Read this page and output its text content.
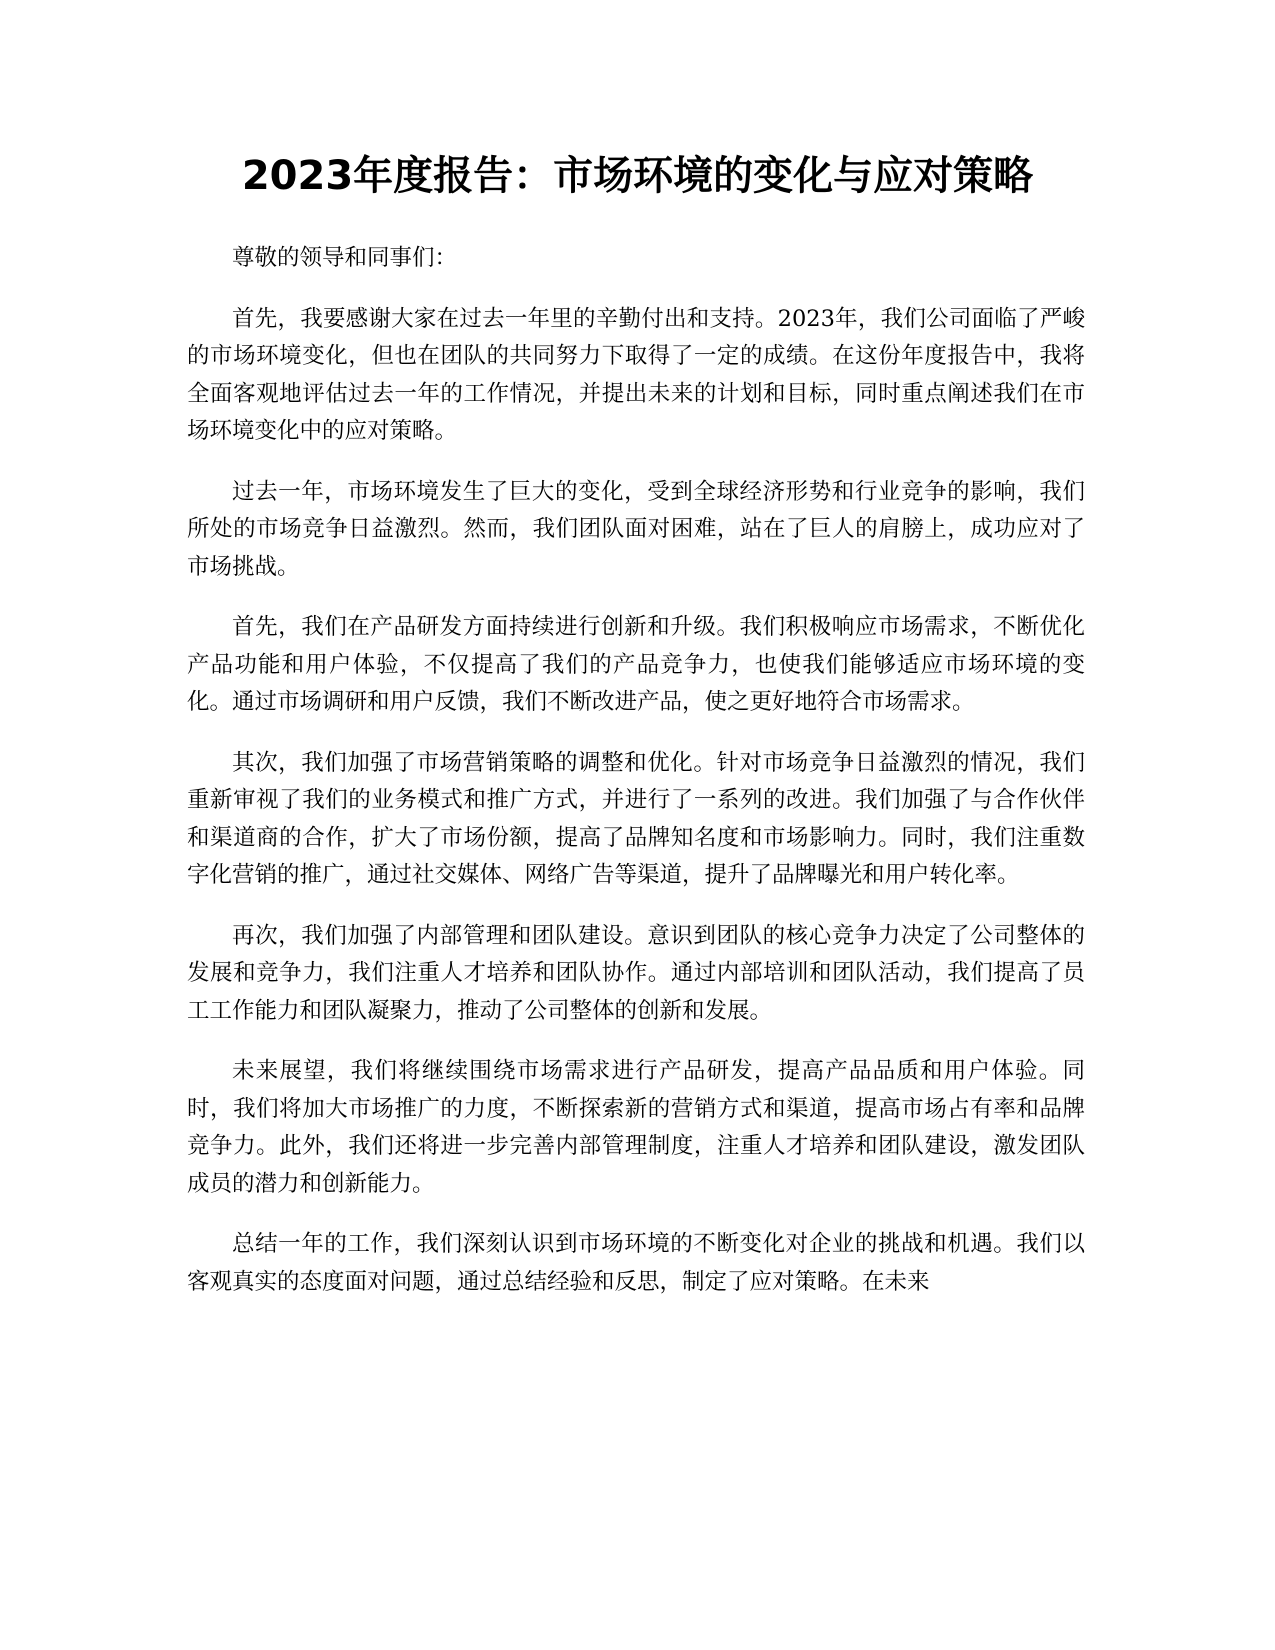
2023年度报告：市场环境的变化与应对策略

尊敬的领导和同事们：

首先，我要感谢大家在过去一年里的辛勤付出和支持。2023年，我们公司面临了严峻的市场环境变化，但也在团队的共同努力下取得了一定的成绩。在这份年度报告中，我将全面客观地评估过去一年的工作情况，并提出未来的计划和目标，同时重点阐述我们在市场环境变化中的应对策略。

过去一年，市场环境发生了巨大的变化，受到全球经济形势和行业竞争的影响，我们所处的市场竞争日益激烈。然而，我们团队面对困难，站在了巨人的肩膀上，成功应对了市场挑战。

首先，我们在产品研发方面持续进行创新和升级。我们积极响应市场需求，不断优化产品功能和用户体验，不仅提高了我们的产品竞争力，也使我们能够适应市场环境的变化。通过市场调研和用户反馈，我们不断改进产品，使之更好地符合市场需求。

其次，我们加强了市场营销策略的调整和优化。针对市场竞争日益激烈的情况，我们重新审视了我们的业务模式和推广方式，并进行了一系列的改进。我们加强了与合作伙伴和渠道商的合作，扩大了市场份额，提高了品牌知名度和市场影响力。同时，我们注重数字化营销的推广，通过社交媒体、网络广告等渠道，提升了品牌曝光和用户转化率。

再次，我们加强了内部管理和团队建设。意识到团队的核心竞争力决定了公司整体的发展和竞争力，我们注重人才培养和团队协作。通过内部培训和团队活动，我们提高了员工工作能力和团队凝聚力，推动了公司整体的创新和发展。

未来展望，我们将继续围绕市场需求进行产品研发，提高产品品质和用户体验。同时，我们将加大市场推广的力度，不断探索新的营销方式和渠道，提高市场占有率和品牌竞争力。此外，我们还将进一步完善内部管理制度，注重人才培养和团队建设，激发团队成员的潜力和创新能力。

总结一年的工作，我们深刻认识到市场环境的不断变化对企业的挑战和机遇。我们以客观真实的态度面对问题，通过总结经验和反思，制定了应对策略。在未来
